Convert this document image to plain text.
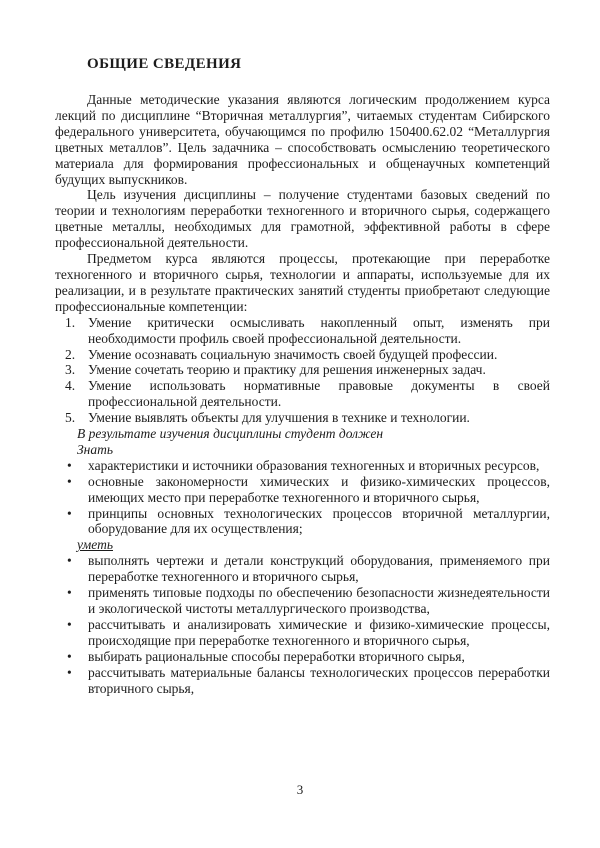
ОБЩИЕ СВЕДЕНИЯ

Данные методические указания являются логическим продолжением курса лекций по дисциплине “Вторичная металлургия”, читаемых студентам Сибирского федерального университета, обучающимся по профилю 150400.62.02 “Металлургия цветных металлов”. Цель задачника – способствовать осмыслению теоретического материала для формирования профессиональных и общенаучных компетенций будущих выпускников.

Цель изучения дисциплины – получение студентами базовых сведений по теории и технологиям переработки техногенного и вторичного сырья, содержащего цветные металлы, необходимых для грамотной, эффективной работы в сфере профессиональной деятельности.

Предметом курса являются процессы, протекающие при переработке техногенного и вторичного сырья, технологии и аппараты, используемые для их реализации, и в результате практических занятий студенты приобретают следующие профессиональные компетенции:

1. Умение критически осмысливать накопленный опыт, изменять при необходимости профиль своей профессиональной деятельности.
2. Умение осознавать социальную значимость своей будущей профессии.
3. Умение сочетать теорию и практику для решения инженерных задач.
4. Умение использовать нормативные правовые документы в своей профессиональной деятельности.
5. Умение выявлять объекты для улучшения в технике и технологии.

В результате изучения дисциплины студент должен

Знать

•	характеристики и источники образования техногенных и вторичных ресурсов,
•	основные закономерности химических и физико-химических процессов, имеющих место при переработке техногенного и вторичного сырья,
•	принципы основных технологических процессов вторичной металлургии, оборудование для их осуществления;

уметь

•	выполнять чертежи и детали конструкций оборудования, применяемого при переработке техногенного и вторичного сырья,
•	применять типовые подходы по обеспечению безопасности жизнедеятельности и экологической чистоты металлургического производства,
•	рассчитывать и анализировать химические и физико-химические процессы, происходящие при переработке техногенного и вторичного сырья,
•	выбирать рациональные способы переработки вторичного сырья,
•	рассчитывать материальные балансы технологических процессов переработки вторичного сырья,
3
